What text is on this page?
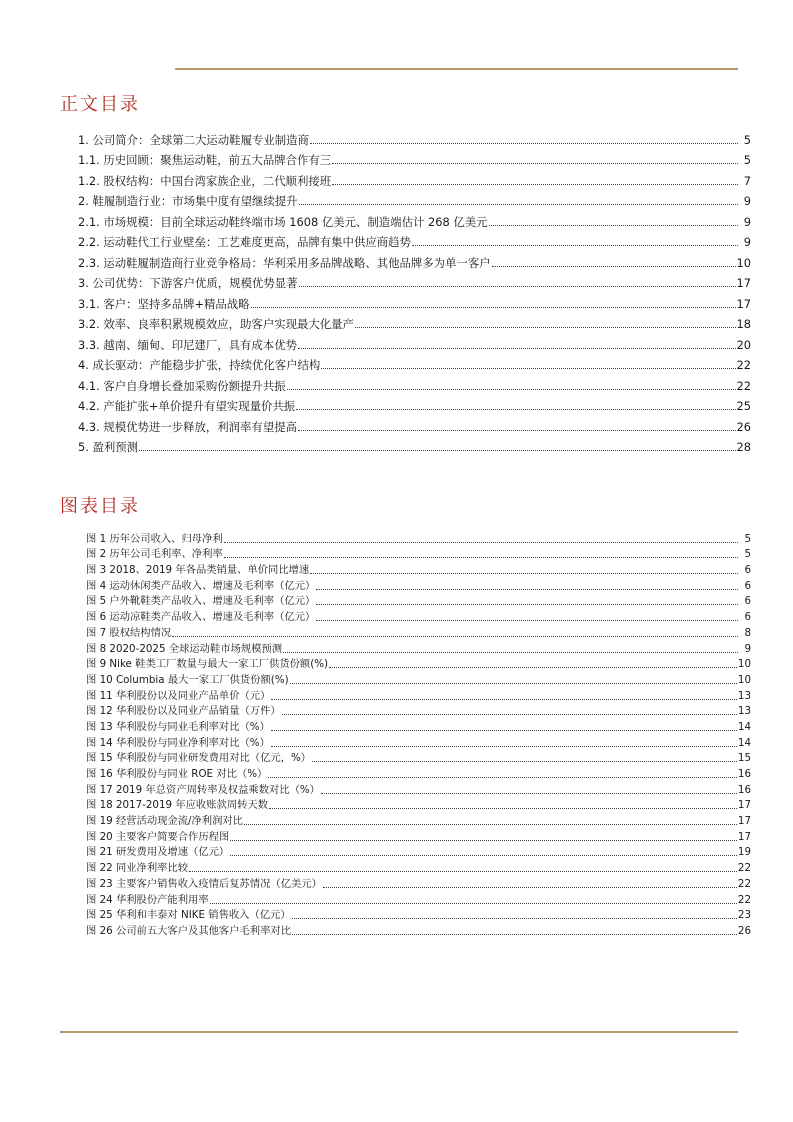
正文目录
1. 公司简介：全球第二大运动鞋履专业制造商	5
1.1. 历史回顾：聚焦运动鞋，前五大品牌合作有三	5
1.2. 股权结构：中国台湾家族企业，二代顺利接班	7
2. 鞋履制造行业：市场集中度有望继续提升	9
2.1. 市场规模：目前全球运动鞋终端市场 1608 亿美元、制造端估计 268 亿美元	9
2.2. 运动鞋代工行业壁垒：工艺难度更高，品牌有集中供应商趋势	9
2.3. 运动鞋履制造商行业竞争格局：华利采用多品牌战略、其他品牌多为单一客户	10
3. 公司优势：下游客户优质，规模优势显著	17
3.1. 客户：坚持多品牌+精品战略	17
3.2. 效率、良率积累规模效应，助客户实现最大化量产	18
3.3. 越南、缅甸、印尼建厂，具有成本优势	20
4. 成长驱动：产能稳步扩张，持续优化客户结构	22
4.1. 客户自身增长叠加采购份额提升共振	22
4.2. 产能扩张+单价提升有望实现量价共振	25
4.3. 规模优势进一步释放，利润率有望提高	26
5. 盈利预测	28
图表目录
图 1 历年公司收入、归母净利	5
图 2 历年公司毛利率、净利率	5
图 3 2018、2019 年各品类销量、单价同比增速	6
图 4 运动休闲类产品收入、增速及毛利率（亿元）	6
图 5 户外靴鞋类产品收入、增速及毛利率（亿元）	6
图 6 运动凉鞋类产品收入、增速及毛利率（亿元）	6
图 7 股权结构情况	8
图 8 2020-2025 全球运动鞋市场规模预测	9
图 9 Nike 鞋类工厂数量与最大一家工厂供货份额(%)	10
图 10 Columbia 最大一家工厂供货份额(%)	10
图 11 华利股份以及同业产品单价（元）	13
图 12 华利股份以及同业产品销量（万件）	13
图 13 华利股份与同业毛利率对比（%）	14
图 14 华利股份与同业净利率对比（%）	14
图 15 华利股份与同业研发费用对比（亿元，%）	15
图 16 华利股份与同业 ROE 对比（%）	16
图 17 2019 年总资产周转率及权益乘数对比（%）	16
图 18 2017-2019 年应收账款周转天数	17
图 19 经营活动现金流/净利润对比	17
图 20 主要客户简要合作历程图	17
图 21 研发费用及增速（亿元）	19
图 22 同业净利率比较	22
图 23 主要客户销售收入疫情后复苏情况（亿美元）	22
图 24 华利股份产能利用率	22
图 25 华利和丰泰对 NIKE 销售收入（亿元）	23
图 26 公司前五大客户及其他客户毛利率对比	26
